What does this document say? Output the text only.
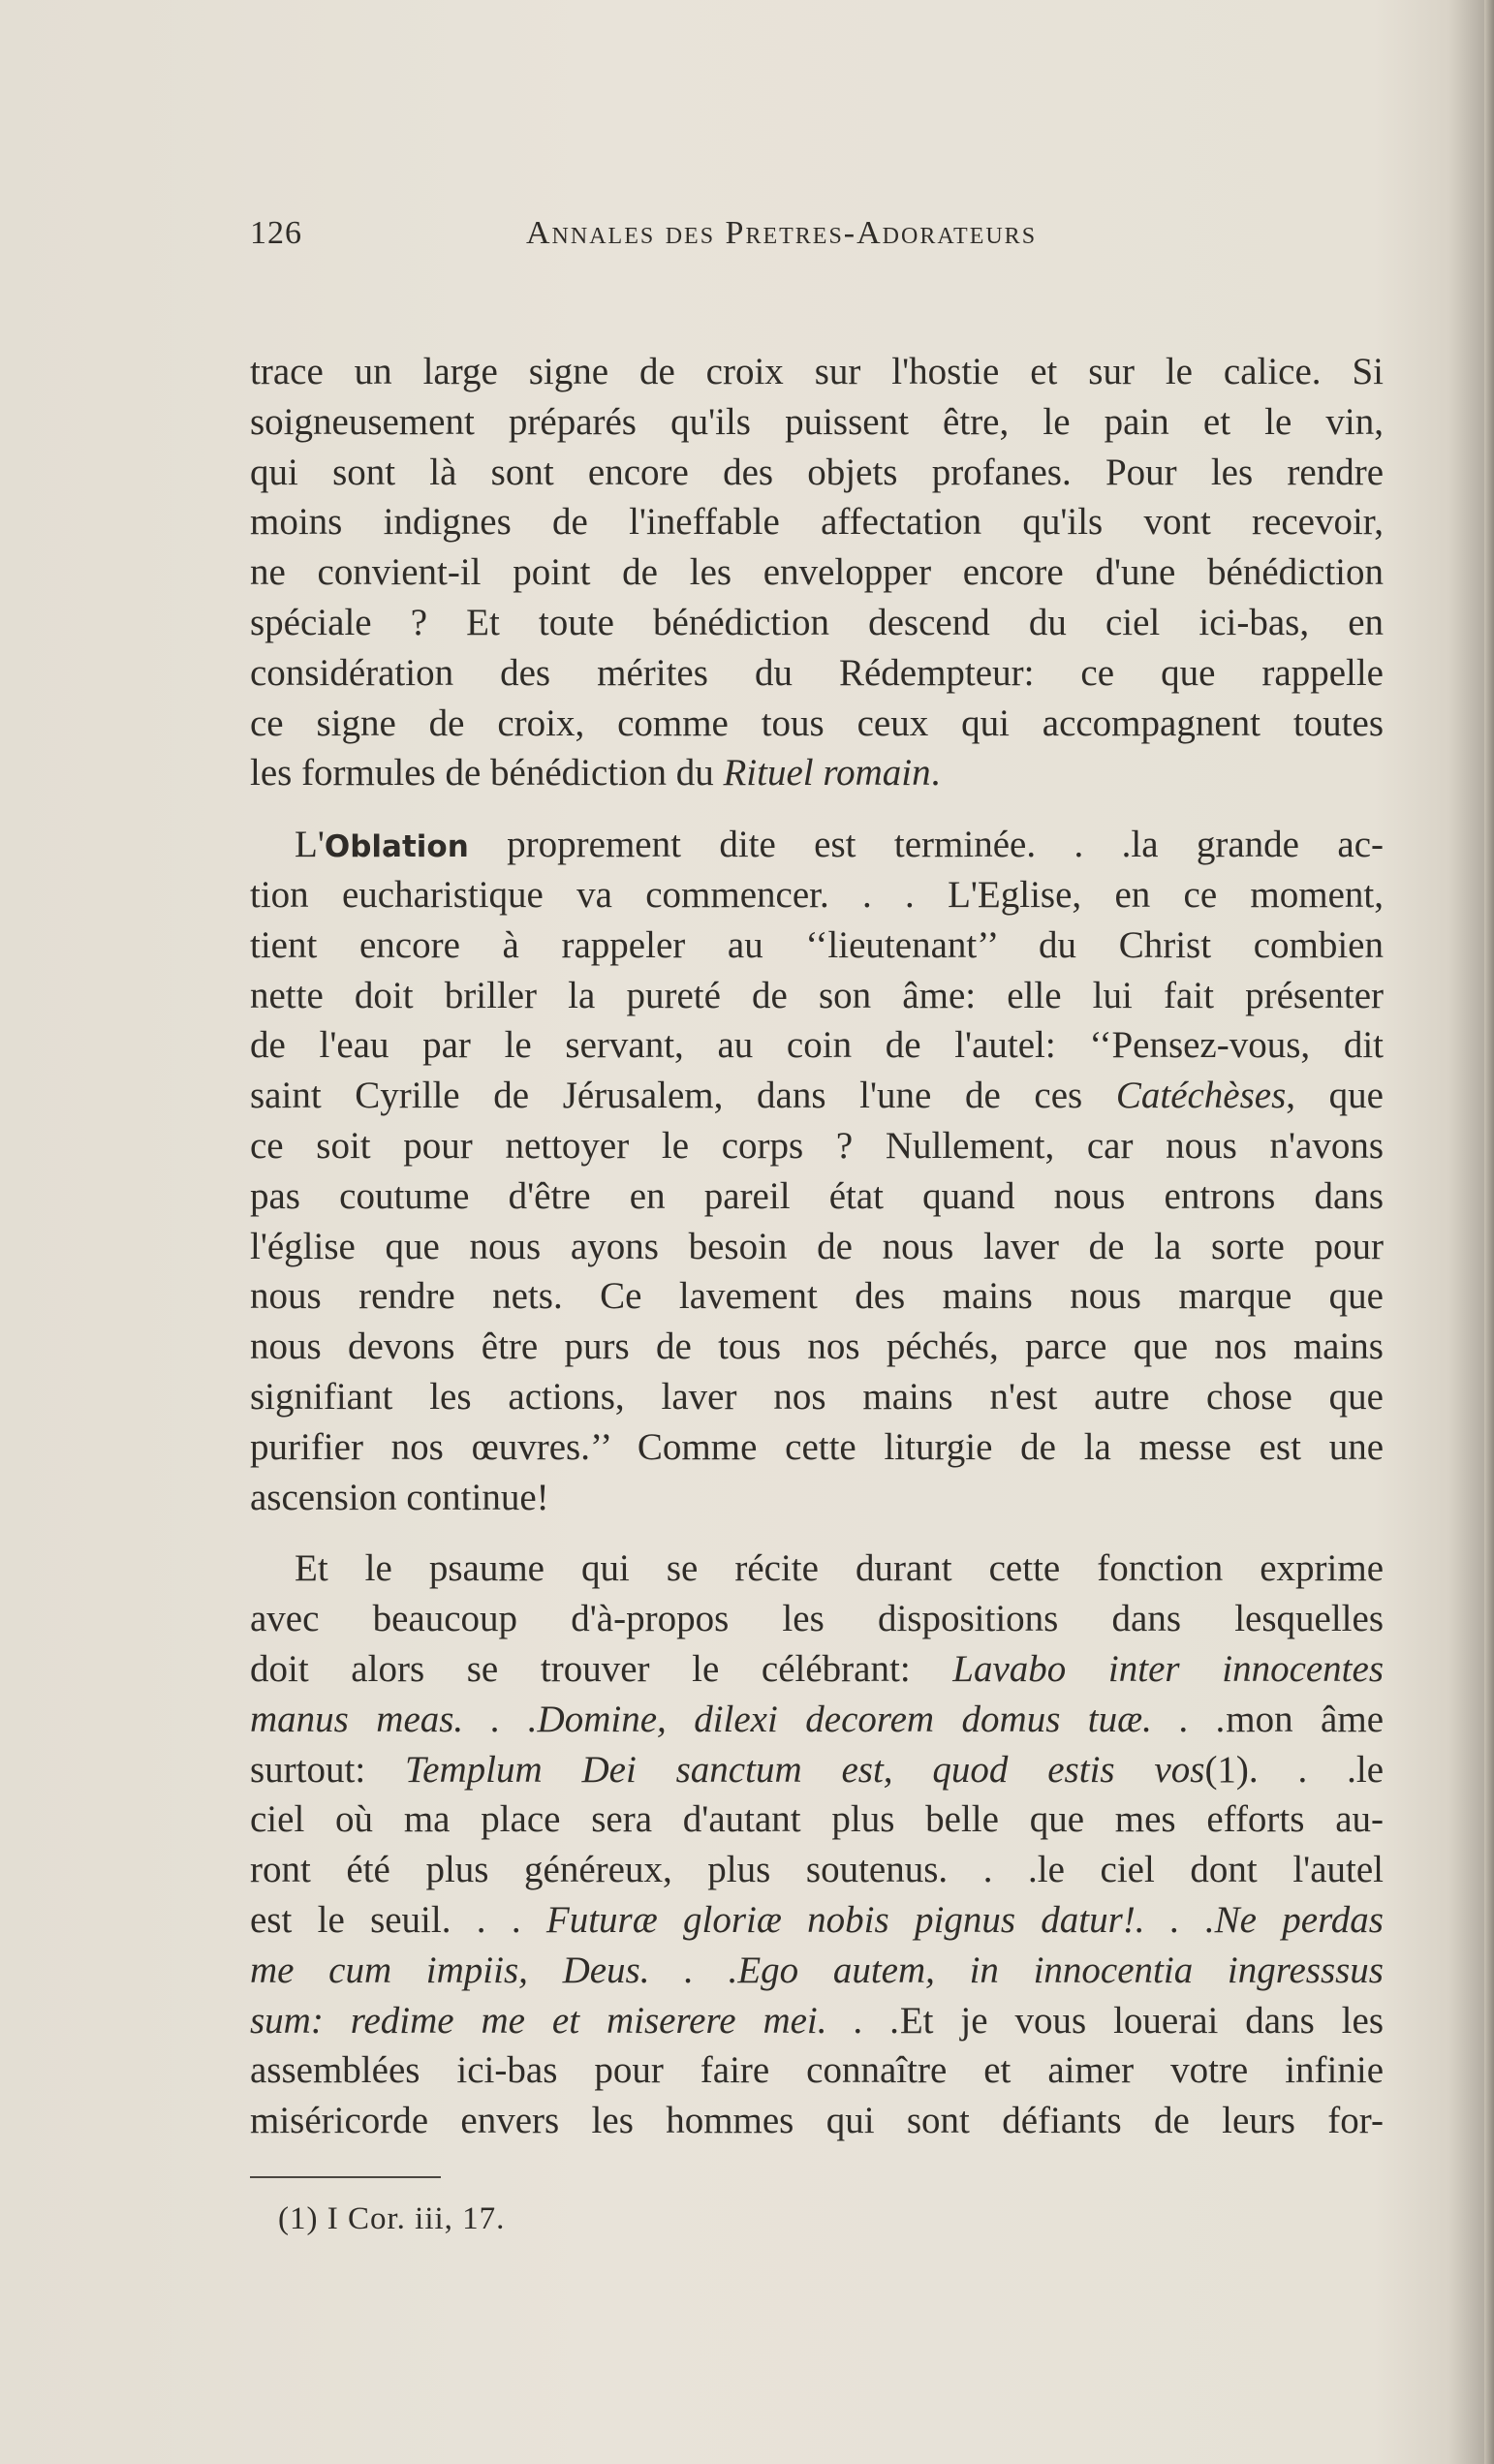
126	Annales des Pretres-Adorateurs
trace un large signe de croix sur l'hostie et sur le calice. Si
soigneusement préparés qu'ils puissent être, le pain et le vin,
qui sont là sont encore des objets profanes. Pour les rendre
moins indignes de l'ineffable affectation qu'ils vont recevoir,
ne convient-il point de les envelopper encore d'une bénédiction
spéciale ? Et toute bénédiction descend du ciel ici-bas, en
considération des mérites du Rédempteur: ce que rappelle
ce signe de croix, comme tous ceux qui accompagnent toutes
les formules de bénédiction du Rituel romain.
L'Oblation proprement dite est terminée. . .la grande ac-
tion eucharistique va commencer. . . L'Eglise, en ce moment,
tient encore à rappeler au ‘‘lieutenant’’ du Christ combien
nette doit briller la pureté de son âme: elle lui fait présenter
de l'eau par le servant, au coin de l'autel: ‘‘Pensez-vous, dit
saint Cyrille de Jérusalem, dans l'une de ces Catéchèses, que
ce soit pour nettoyer le corps ? Nullement, car nous n'avons
pas coutume d'être en pareil état quand nous entrons dans
l'église que nous ayons besoin de nous laver de la sorte pour
nous rendre nets. Ce lavement des mains nous marque que
nous devons être purs de tous nos péchés, parce que nos mains
signifiant les actions, laver nos mains n'est autre chose que
purifier nos œuvres.’’ Comme cette liturgie de la messe est une
ascension continue!
Et le psaume qui se récite durant cette fonction exprime
avec beaucoup d'à-propos les dispositions dans lesquelles
doit alors se trouver le célébrant: Lavabo inter innocentes
manus meas. . .Domine, dilexi decorem domus tuæ. . .mon âme
surtout: Templum Dei sanctum est, quod estis vos(1). . .le
ciel où ma place sera d'autant plus belle que mes efforts au-
ront été plus généreux, plus soutenus. . .le ciel dont l'autel
est le seuil. . . Futuræ gloriæ nobis pignus datur!. . .Ne perdas
me cum impiis, Deus. . .Ego autem, in innocentia ingresssus
sum: redime me et miserere mei. . .Et je vous louerai dans les
assemblées ici-bas pour faire connaître et aimer votre infinie
miséricorde envers les hommes qui sont défiants de leurs for-
(1) I Cor. iii, 17.
